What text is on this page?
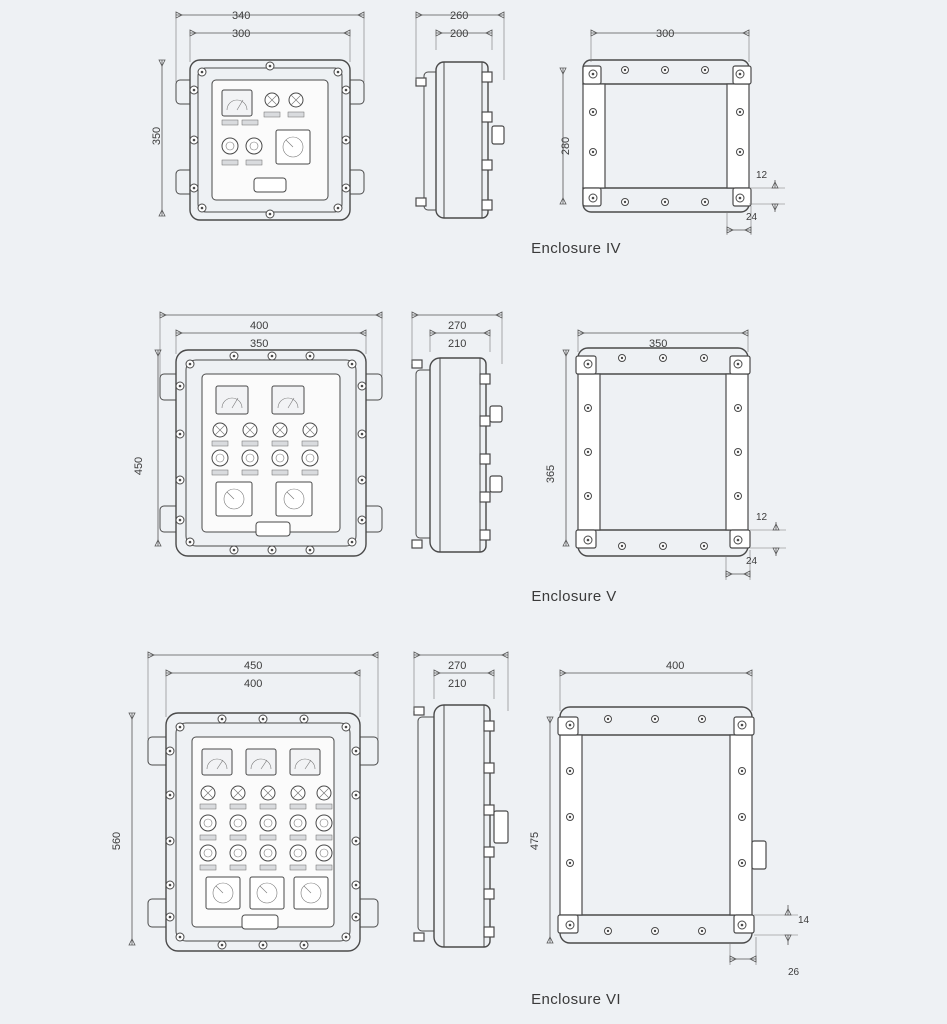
340
300
350
260
200	300
280
12
24
Enclosure IV
400
350
450
270
210	350
365
12
24
Enclosure V
450
400
560
270
210
400
475
14
26
Enclosure VI
